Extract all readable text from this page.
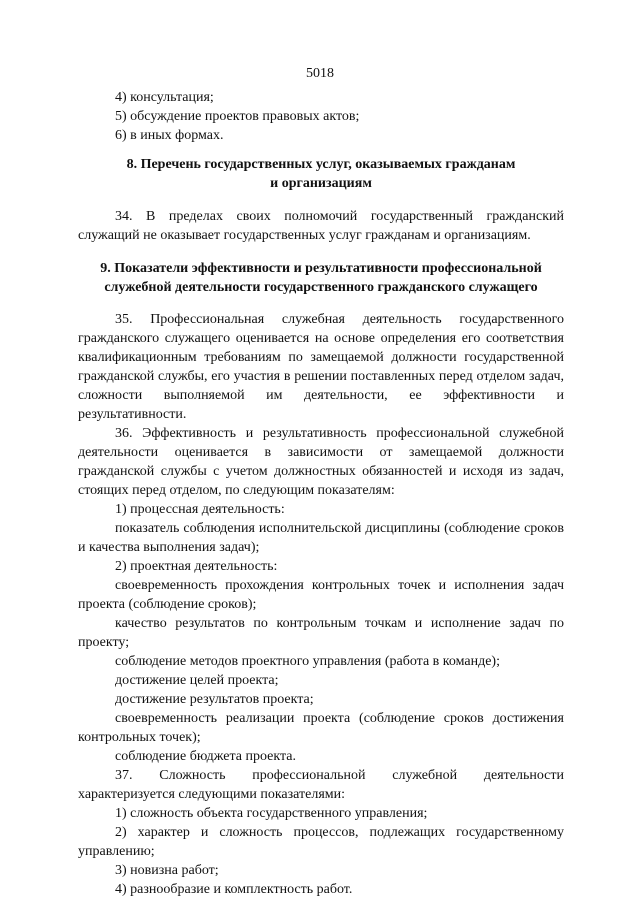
5018

4) консультация;

5) обсуждение проектов правовых актов;

6) в иных формах.

8. Перечень государственных услуг, оказываемых гражданам
и организациям

34. В пределах своих полномочий государственный гражданский служащий не оказывает государственных услуг гражданам и организациям.

9. Показатели эффективности и результативности профессиональной
служебной деятельности государственного гражданского служащего

35. Профессиональная служебная деятельность государственного гражданского служащего оценивается на основе определения его соответствия квалификационным требованиям по замещаемой должности государственной гражданской службы, его участия в решении поставленных перед отделом задач, сложности выполняемой им деятельности, ее эффективности и результативности.

36. Эффективность и результативность профессиональной служебной деятельности оценивается в зависимости от замещаемой должности гражданской службы с учетом должностных обязанностей и исходя из задач, стоящих перед отделом, по следующим показателям:

1) процессная деятельность:

показатель соблюдения исполнительской дисциплины (соблюдение сроков и качества выполнения задач);

2) проектная деятельность:

своевременность прохождения контрольных точек и исполнения задач проекта (соблюдение сроков);

качество результатов по контрольным точкам и исполнение задач по проекту;

соблюдение методов проектного управления (работа в команде);

достижение целей проекта;

достижение результатов проекта;

своевременность реализации проекта (соблюдение сроков достижения контрольных точек);

соблюдение бюджета проекта.

37. Сложность профессиональной служебной деятельности характеризуется следующими показателями:

1) сложность объекта государственного управления;

2) характер и сложность процессов, подлежащих государственному управлению;

3) новизна работ;

4) разнообразие и комплектность работ.
